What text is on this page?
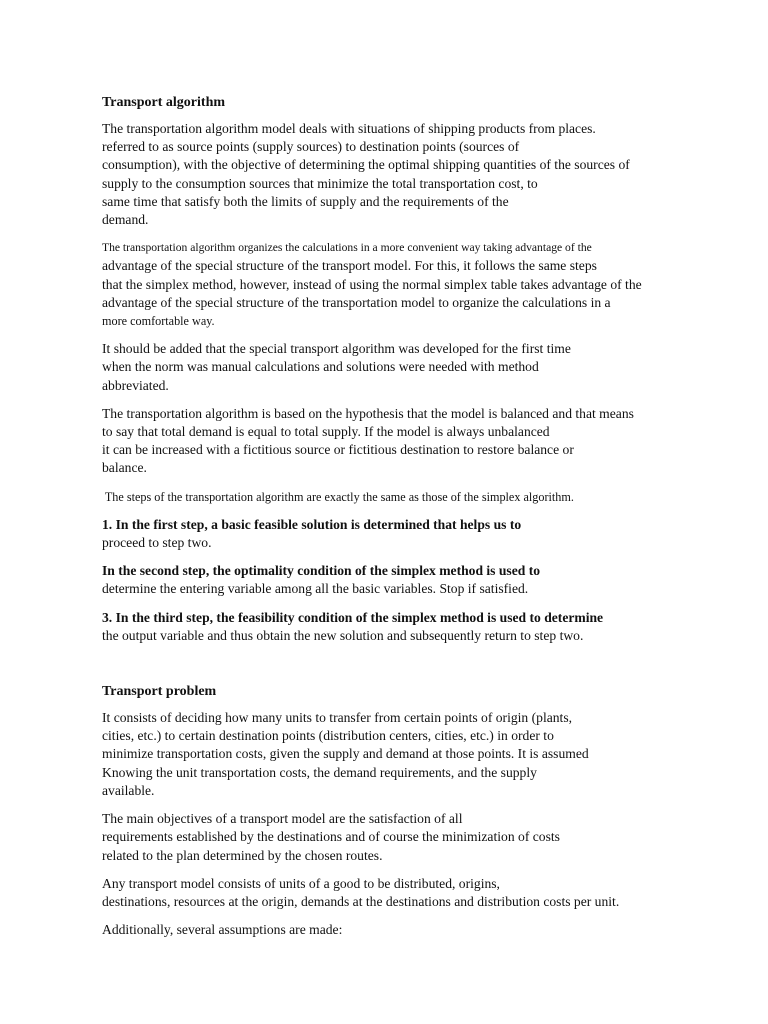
Transport algorithm
The transportation algorithm model deals with situations of shipping products from places.
referred to as source points (supply sources) to destination points (sources of
consumption), with the objective of determining the optimal shipping quantities of the sources of
supply to the consumption sources that minimize the total transportation cost, to
same time that satisfy both the limits of supply and the requirements of the
demand.
The transportation algorithm organizes the calculations in a more convenient way taking advantage of the
advantage of the special structure of the transport model. For this, it follows the same steps
that the simplex method, however, instead of using the normal simplex table takes advantage of the
advantage of the special structure of the transportation model to organize the calculations in a
more comfortable way.
It should be added that the special transport algorithm was developed for the first time
when the norm was manual calculations and solutions were needed with method
abbreviated.
The transportation algorithm is based on the hypothesis that the model is balanced and that means
to say that total demand is equal to total supply. If the model is always unbalanced
it can be increased with a fictitious source or fictitious destination to restore balance or
balance.
The steps of the transportation algorithm are exactly the same as those of the simplex algorithm.
1. In the first step, a basic feasible solution is determined that helps us to
proceed to step two.
In the second step, the optimality condition of the simplex method is used to
determine the entering variable among all the basic variables. Stop if satisfied.
3. In the third step, the feasibility condition of the simplex method is used to determine
the output variable and thus obtain the new solution and subsequently return to step two.
Transport problem
It consists of deciding how many units to transfer from certain points of origin (plants,
cities, etc.) to certain destination points (distribution centers, cities, etc.) in order to
minimize transportation costs, given the supply and demand at those points. It is assumed
Knowing the unit transportation costs, the demand requirements, and the supply
available.
The main objectives of a transport model are the satisfaction of all
requirements established by the destinations and of course the minimization of costs
related to the plan determined by the chosen routes.
Any transport model consists of units of a good to be distributed, origins,
destinations, resources at the origin, demands at the destinations and distribution costs per unit.
Additionally, several assumptions are made:
